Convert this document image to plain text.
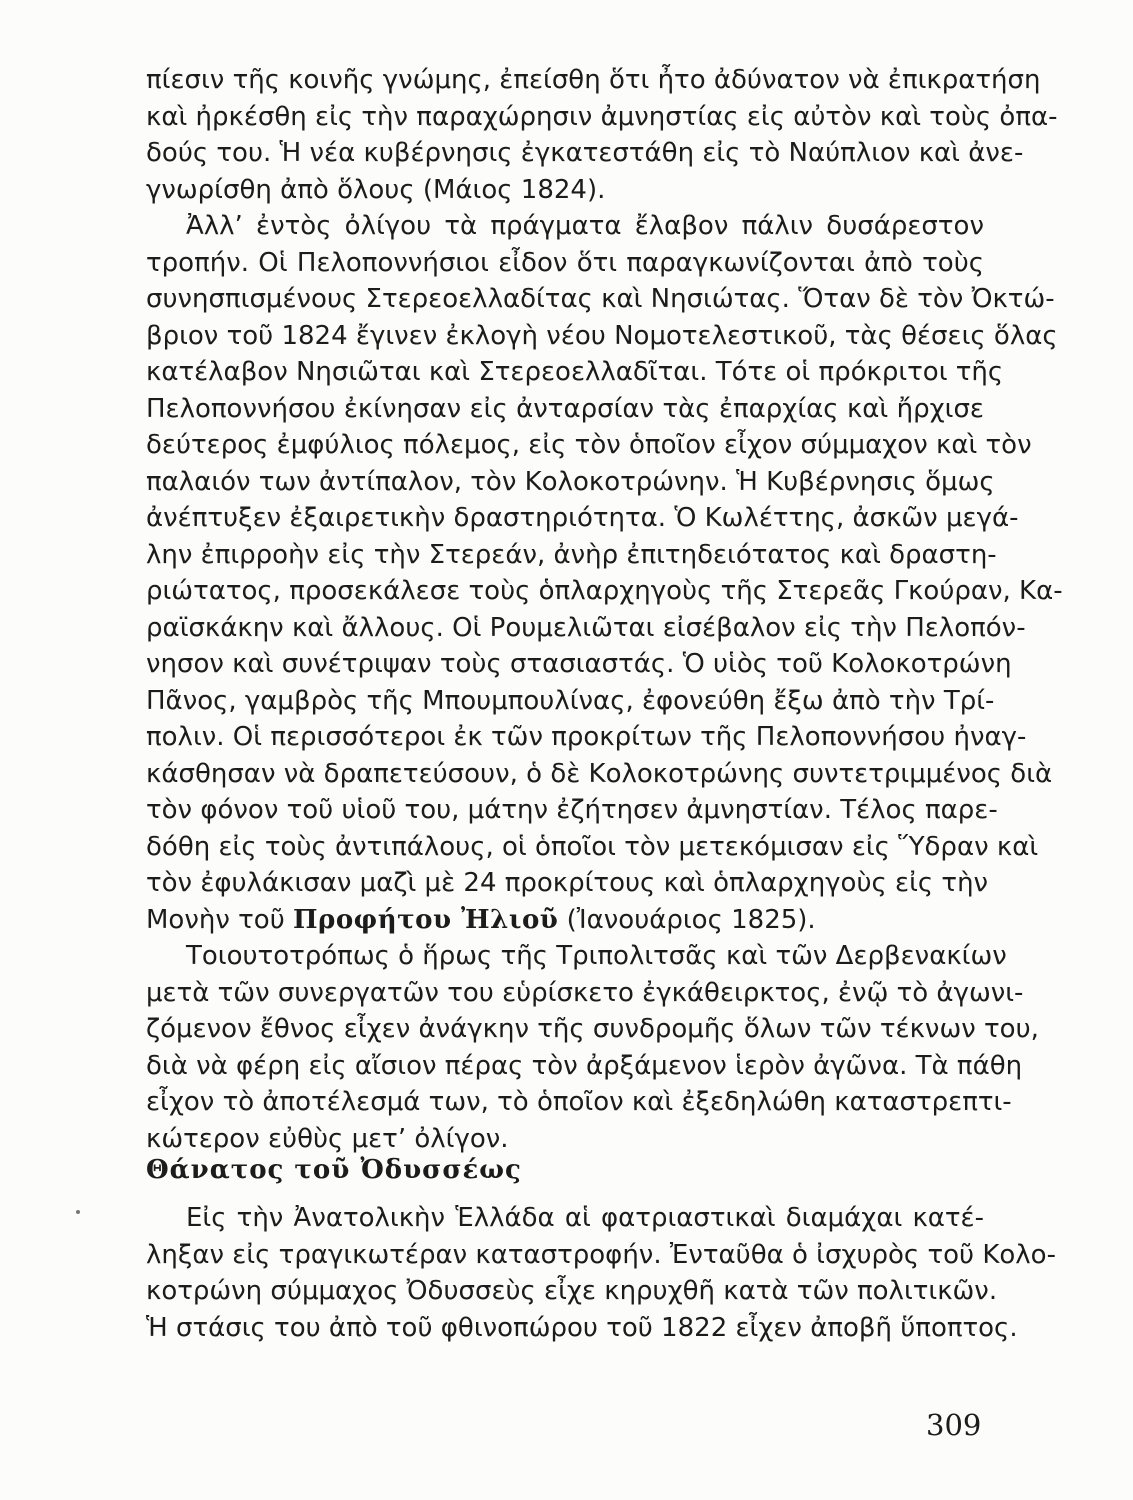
πίεσιν τῆς κοινῆς γνώμης, ἐπείσθη ὅτι ἦτο ἀδύνατον νὰ ἐπικρατήση
καὶ ἠρκέσθη εἰς τὴν παραχώρησιν ἀμνηστίας εἰς αὐτὸν καὶ τοὺς ὀπα-
δούς του. Ἡ νέα κυβέρνησις ἐγκατεστάθη εἰς τὸ Ναύπλιον καὶ ἀνε-
γνωρίσθη ἀπὸ ὅλους (Μάιος 1824).
Ἀλλ’ ἐντὸς ὀλίγου τὰ πράγματα ἔλαβον πάλιν δυσάρεστον
τροπήν. Οἱ Πελοποννήσιοι εἶδον ὅτι παραγκωνίζονται ἀπὸ τοὺς
συνησπισμένους Στερεοελλαδίτας καὶ Νησιώτας. Ὅταν δὲ τὸν Ὀκτώ-
βριον τοῦ 1824 ἔγινεν ἐκλογὴ νέου Νομοτελεστικοῦ, τὰς θέσεις ὅλας
κατέλαβον Νησιῶται καὶ Στερεοελλαδῖται. Τότε οἱ πρόκριτοι τῆς
Πελοποννήσου ἐκίνησαν εἰς ἀνταρσίαν τὰς ἐπαρχίας καὶ ἤρχισε
δεύτερος ἐμφύλιος πόλεμος, εἰς τὸν ὁποῖον εἶχον σύμμαχον καὶ τὸν
παλαιόν των ἀντίπαλον, τὸν Κολοκοτρώνην. Ἡ Κυβέρνησις ὅμως
ἀνέπτυξεν ἐξαιρετικὴν δραστηριότητα. Ὁ Κωλέττης, ἀσκῶν μεγά-
λην ἐπιρροὴν εἰς τὴν Στερεάν, ἀνὴρ ἐπιτηδειότατος καὶ δραστη-
ριώτατος, προσεκάλεσε τοὺς ὁπλαρχηγοὺς τῆς Στερεᾶς Γκούραν, Κα-
ραϊσκάκην καὶ ἄλλους. Οἱ Ρουμελιῶται εἰσέβαλον εἰς τὴν Πελοπόν-
νησον καὶ συνέτριψαν τοὺς στασιαστάς. Ὁ υἱὸς τοῦ Κολοκοτρώνη
Πᾶνος, γαμβρὸς τῆς Μπουμπουλίνας, ἐφονεύθη ἔξω ἀπὸ τὴν Τρί-
πολιν. Οἱ περισσότεροι ἐκ τῶν προκρίτων τῆς Πελοποννήσου ἠναγ-
κάσθησαν νὰ δραπετεύσουν, ὁ δὲ Κολοκοτρώνης συντετριμμένος διὰ
τὸν φόνον τοῦ υἱοῦ του, μάτην ἐζήτησεν ἀμνηστίαν. Τέλος παρε-
δόθη εἰς τοὺς ἀντιπάλους, οἱ ὁποῖοι τὸν μετεκόμισαν εἰς Ὕδραν καὶ
τὸν ἐφυλάκισαν μαζὶ μὲ 24 προκρίτους καὶ ὁπλαρχηγοὺς εἰς τὴν
Μονὴν τοῦ Προφήτου Ἠλιοῦ (Ἰανουάριος 1825).
Τοιουτοτρόπως ὁ ἥρως τῆς Τριπολιτσᾶς καὶ τῶν Δερβενακίων
μετὰ τῶν συνεργατῶν του εὑρίσκετο ἐγκάθειρκτος, ἐνῷ τὸ ἀγωνι-
ζόμενον ἔθνος εἶχεν ἀνάγκην τῆς συνδρομῆς ὅλων τῶν τέκνων του,
διὰ νὰ φέρη εἰς αἴσιον πέρας τὸν ἀρξάμενον ἱερὸν ἀγῶνα. Τὰ πάθη
εἶχον τὸ ἀποτέλεσμά των, τὸ ὁποῖον καὶ ἐξεδηλώθη καταστρεπτι-
κώτερον εὐθὺς μετ’ ὀλίγον.
Θάνατος τοῦ Ὀδυσσέως
Εἰς τὴν Ἀνατολικὴν Ἑλλάδα αἱ φατριαστικαὶ διαμάχαι κατέ-
ληξαν εἰς τραγικωτέραν καταστροφήν. Ἐνταῦθα ὁ ἰσχυρὸς τοῦ Κολο-
κοτρώνη σύμμαχος Ὀδυσσεὺς εἶχε κηρυχθῆ κατὰ τῶν πολιτικῶν.
Ἡ στάσις του ἀπὸ τοῦ φθινοπώρου τοῦ 1822 εἶχεν ἀποβῆ ὕποπτος.
309
